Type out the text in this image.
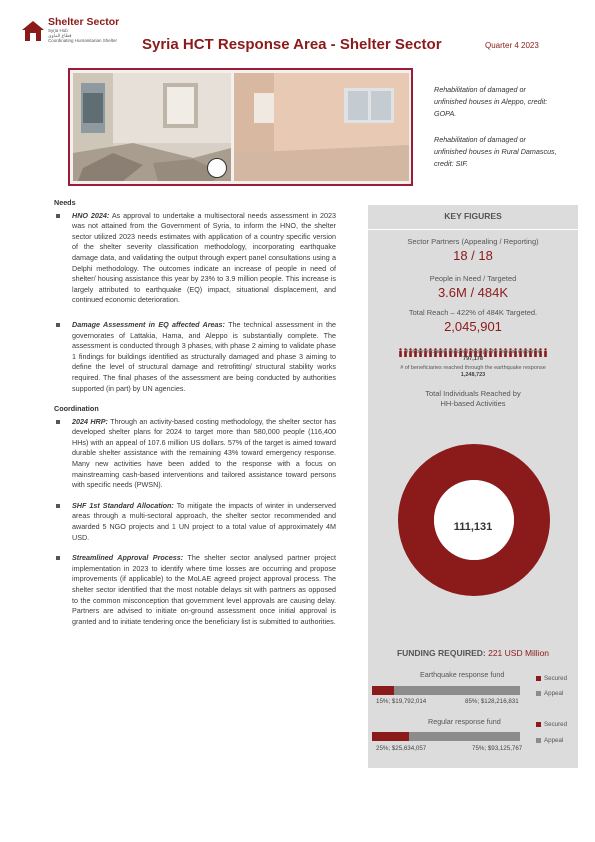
Shelter Sector
Syria Hub
قطاع المأوى
Coordinating Humanitarian Shelter Syria HCT Response Area - Shelter Sector	Quarter 4 2023
Rehabilitation of damaged or unfinished houses in Aleppo, credit: GOPA.
Rehabilitation of damaged or unfinished houses in Rural Damascus, credit: SIF.
Needs
HNO 2024: As approval to undertake a multisectoral needs assessment in 2023 was not attained from the Government of Syria, to inform the HNO, the shelter sector utilized 2023 needs estimates with application of a country specific version of the shelter severity classification methodology, incorporating earthquake damage data, and validating the output through expert panel consultations using a Delphi methodology. The outcomes indicate an increase of people in need of shelter/ housing assistance this year by 23% to 3.9 million people. This increase is largely attributed to earthquake (EQ) impact, situational displacement, and continued economic deterioration.
Damage Assessment in EQ affected Areas: The technical assessment in the governorates of Lattakia, Hama, and Aleppo is substantially complete. The assessment is conducted through 3 phases, with phase 2 aiming to validate phase 1 findings for buildings identified as structurally damaged and phase 3 aiming to define the level of structural damage and retrofitting/ structural stability works required. The final phases of the assessment are being conducted by authorities supported (in part) by UN agencies.
Coordination
2024 HRP: Through an activity-based costing methodology, the shelter sector has developed shelter plans for 2024 to target more than 580,000 people (116,400 HHs) with an appeal of 107.6 million US dollars. 57% of the target is aimed toward durable shelter assistance with the remaining 43% toward emergency response. Many new activities have been added to the response with a focus on mainstreaming cash-based interventions and tailored assistance toward persons with specific needs (PWSN).
SHF 1st Standard Allocation: To mitigate the impacts of winter in underserved areas through a multi-sectoral approach, the shelter sector recommended and awarded 5 NGO projects and 1 UN project to a total value of approximately 4M USD.
Streamlined Approval Process: The shelter sector analysed partner project implementation in 2023 to identify where time losses are occurring and propose improvements (if applicable) to the MoLAE agreed project approval process. The shelter sector identified that the most notable delays sit with partners as opposed to the common misconception that government level approvals are causing delay. Partners are advised to initiate on-ground assessment once initial approval is granted and to initiate tendering once the beneficiary list is submitted to authorities.
KEY FIGURES
Sector Partners (Appealing / Reporting)
18 / 18
People in Need / Targeted
3.6M / 484K
Total Reach – 422% of 484K Targeted.
2,045,901
# of beneficiaries reached through the regular response
797,178
# of beneficiaries reached through the earthquake response
1,248,723
Total Individuals Reached by
HH-based Activities
111,131
FUNDING REQUIRED: 221 USD Million
Earthquake response fund
15%; $19,792,014	85%; $128,216,831
Secured
Appeal
Regular response fund
25%; $25,634,057	75%; $93,125,767
Secured
Appeal
